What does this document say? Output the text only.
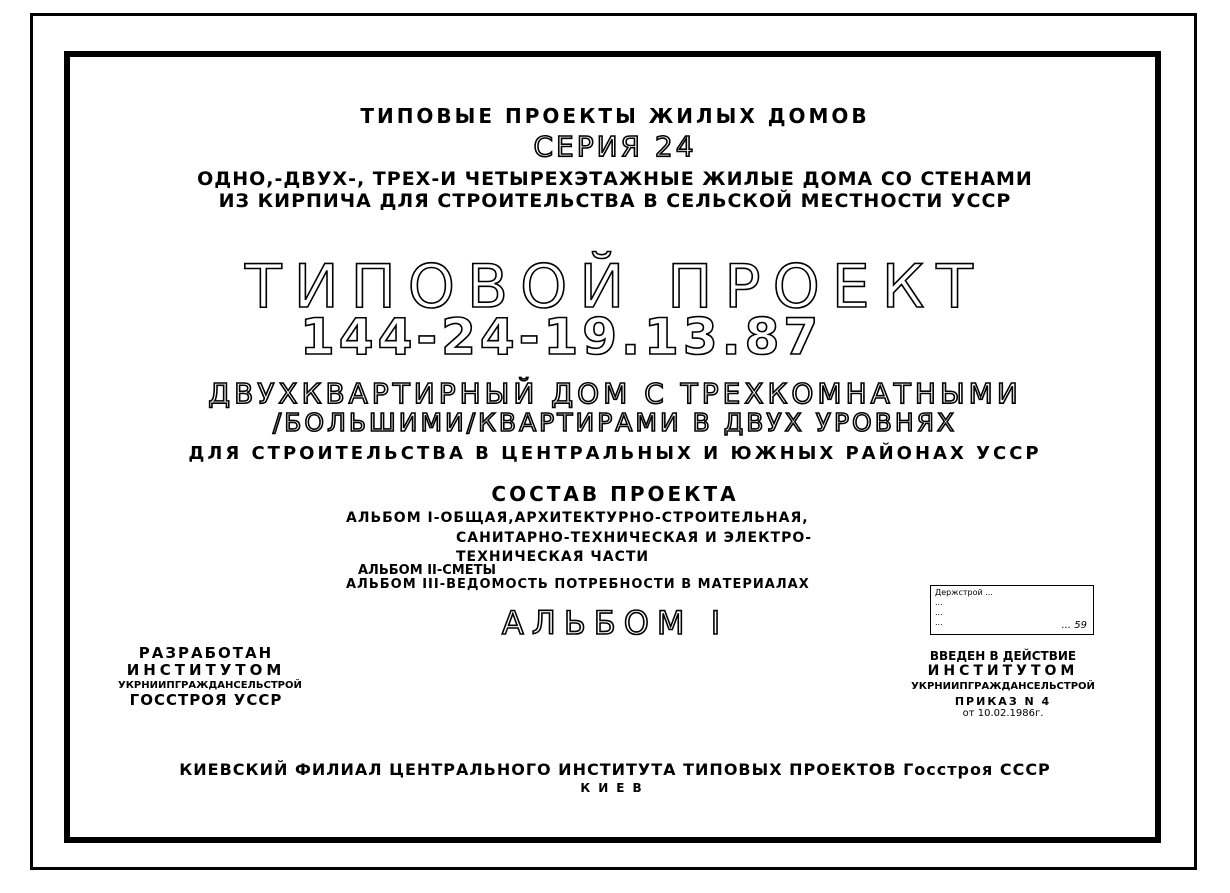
ТИПОВЫЕ ПРОЕКТЫ ЖИЛЫХ ДОМОВ
СЕРИЯ 24
ОДНО,-ДВУХ-, ТРЕХ-И ЧЕТЫРЕХЭТАЖНЫЕ ЖИЛЫЕ ДОМА СО СТЕНАМИ
ИЗ КИРПИЧА ДЛЯ СТРОИТЕЛЬСТВА В СЕЛЬСКОЙ МЕСТНОСТИ УССР
ТИПОВОЙ ПРОЕКТ
144-24-19.13.87
ДВУХКВАРТИРНЫЙ ДОМ С ТРЕХКОМНАТНЫМИ
/БОЛЬШИМИ/КВАРТИРАМИ В ДВУХ УРОВНЯХ
ДЛЯ СТРОИТЕЛЬСТВА В ЦЕНТРАЛЬНЫХ И ЮЖНЫХ РАЙОНАХ УССР
СОСТАВ ПРОЕКТА
АЛЬБОМ I-ОБЩАЯ,АРХИТЕКТУРНО-СТРОИТЕЛЬНАЯ,
САНИТАРНО-ТЕХНИЧЕСКАЯ И ЭЛЕКТРО-
ТЕХНИЧЕСКАЯ ЧАСТИ
АЛЬБОМ II-СМЕТЫ
АЛЬБОМ III-ВЕДОМОСТЬ ПОТРЕБНОСТИ В МАТЕРИАЛАХ
АЛЬБОМ I
Держстрой ...
...
...
...	... 59
РАЗРАБОТАН
ИНСТИТУТОМ
УКРНИИПГРАЖДАНСЕЛЬСТРОЙ
ГОССТРОЯ УССР
ВВЕДЕН В ДЕЙСТВИЕ
ИНСТИТУТОМ
УКРНИИПГРАЖДАНСЕЛЬСТРОЙ
ПРИКАЗ N 4
от 10.02.1986г.
КИЕВСКИЙ ФИЛИАЛ ЦЕНТРАЛЬНОГО ИНСТИТУТА ТИПОВЫХ ПРОЕКТОВ Госстроя СССР
КИЕВ
